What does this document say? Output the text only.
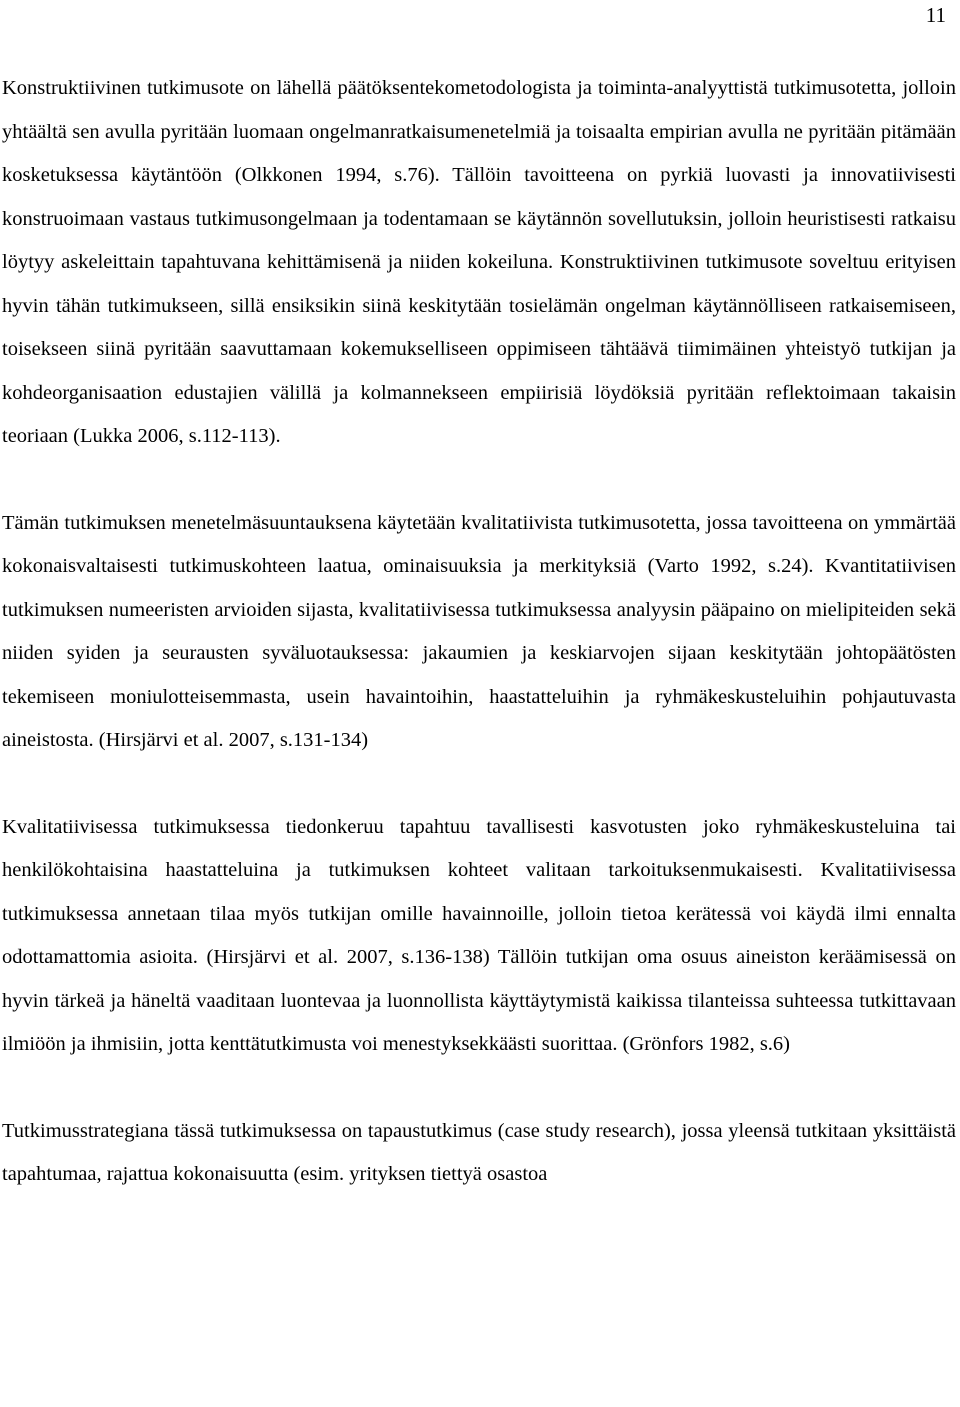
11

Konstruktiivinen tutkimusote on lähellä päätöksentekometodologista ja toiminta-analyyttistä tutkimusotetta, jolloin yhtäältä sen avulla pyritään luomaan ongelmanratkaisumenetelmiä ja toisaalta empirian avulla ne pyritään pitämään kosketuksessa käytäntöön (Olkkonen 1994, s.76). Tällöin tavoitteena on pyrkiä luovasti ja innovatiivisesti konstruoimaan vastaus tutkimusongelmaan ja todentamaan se käytännön sovellutuksin, jolloin heuristisesti ratkaisu löytyy askeleittain tapahtuvana kehittämisenä ja niiden kokeiluna. Konstruktiivinen tutkimusote soveltuu erityisen hyvin tähän tutkimukseen, sillä ensiksikin siinä keskitytään tosielämän ongelman käytännölliseen ratkaisemiseen, toisekseen siinä pyritään saavuttamaan kokemukselliseen oppimiseen tähtäävä tiimimäinen yhteistyö tutkijan ja kohdeorganisaation edustajien välillä ja kolmannekseen empiirisiä löydöksiä pyritään reflektoimaan takaisin teoriaan (Lukka 2006, s.112-113).

Tämän tutkimuksen menetelmäsuuntauksena käytetään kvalitatiivista tutkimusotetta, jossa tavoitteena on ymmärtää kokonaisvaltaisesti tutkimuskohteen laatua, ominaisuuksia ja merkityksiä (Varto 1992, s.24). Kvantitatiivisen tutkimuksen numeeristen arvioiden sijasta, kvalitatiivisessa tutkimuksessa analyysin pääpaino on mielipiteiden sekä niiden syiden ja seurausten syväluotauksessa: jakaumien ja keskiarvojen sijaan keskitytään johtopäätösten tekemiseen moniulotteisemmasta, usein havaintoihin, haastatteluihin ja ryhmäkeskusteluihin pohjautuvasta aineistosta. (Hirsjärvi et al. 2007, s.131-134)

Kvalitatiivisessa tutkimuksessa tiedonkeruu tapahtuu tavallisesti kasvotusten joko ryhmäkeskusteluina tai henkilökohtaisina haastatteluina ja tutkimuksen kohteet valitaan tarkoituksenmukaisesti. Kvalitatiivisessa tutkimuksessa annetaan tilaa myös tutkijan omille havainnoille, jolloin tietoa kerätessä voi käydä ilmi ennalta odottamattomia asioita. (Hirsjärvi et al. 2007, s.136-138) Tällöin tutkijan oma osuus aineiston keräämisessä on hyvin tärkeä ja häneltä vaaditaan luontevaa ja luonnollista käyttäytymistä kaikissa tilanteissa suhteessa tutkittavaan ilmiöön ja ihmisiin, jotta kenttätutkimusta voi menestyksekkäästi suorittaa. (Grönfors 1982, s.6)

Tutkimusstrategiana tässä tutkimuksessa on tapaustutkimus (case study research), jossa yleensä tutkitaan yksittäistä tapahtumaa, rajattua kokonaisuutta (esim. yrityksen tiettyä osastoa
